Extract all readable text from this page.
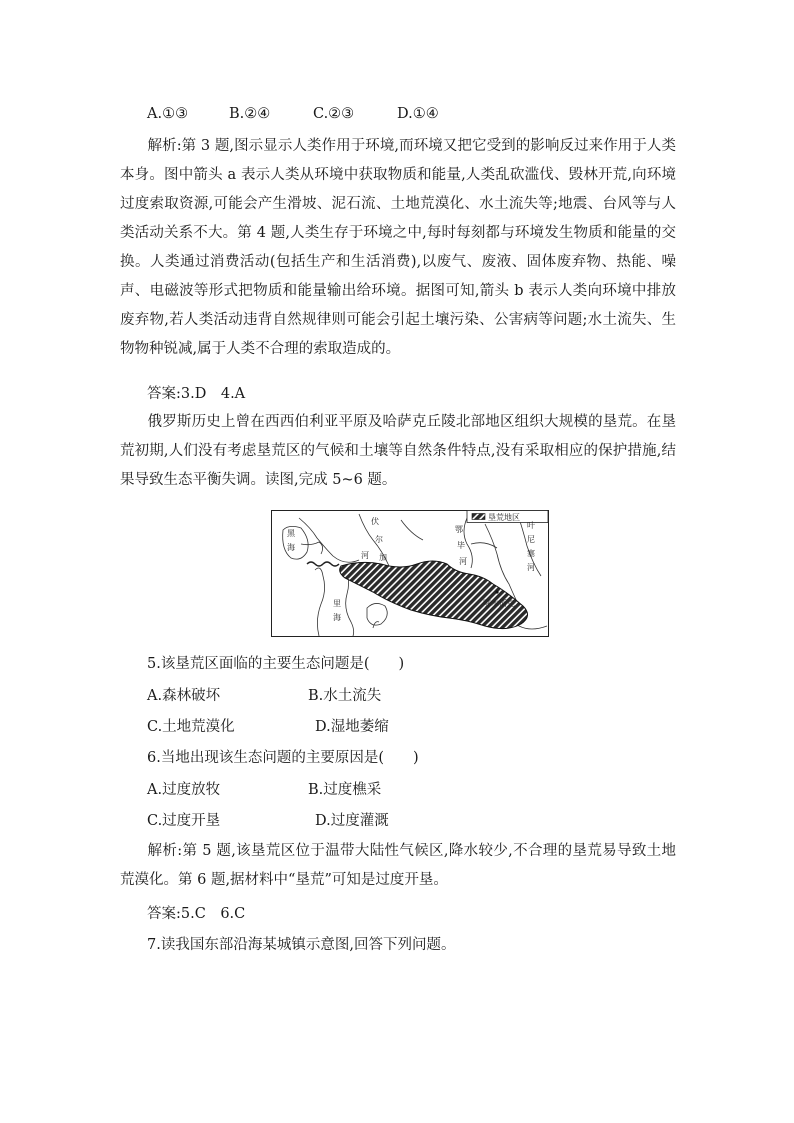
A.①③	B.②④	C.②③	D.①④
解析:第 3 题,图示显示人类作用于环境,而环境又把它受到的影响反过来作用于人类本身。图中箭头 a 表示人类从环境中获取物质和能量,人类乱砍滥伐、毁林开荒,向环境过度索取资源,可能会产生滑坡、泥石流、土地荒漠化、水土流失等;地震、台风等与人类活动关系不大。第 4 题,人类生存于环境之中,每时每刻都与环境发生物质和能量的交换。人类通过消费活动(包括生产和生活消费),以废气、废液、固体废弃物、热能、噪声、电磁波等形式把物质和能量输出给环境。据图可知,箭头 b 表示人类向环境中排放废弃物,若人类活动违背自然规律则可能会引起土壤污染、公害病等问题;水土流失、生物物种锐减,属于人类不合理的索取造成的。
答案:3.D　4.A
俄罗斯历史上曾在西西伯利亚平原及哈萨克丘陵北部地区组织大规模的垦荒。在垦荒初期,人们没有考虑垦荒区的气候和土壤等自然条件特点,没有采取相应的保护措施,结果导致生态平衡失调。读图,完成 5~6 题。
垦荒地区
黑
海
伏
尔
加
河
里
海
鄂
毕
河
叶
尼
塞
河
鄂木斯克
5.该垦荒区面临的主要生态问题是(　　)
A.森林破坏	B.水土流失
C.土地荒漠化	D.湿地萎缩
6.当地出现该生态问题的主要原因是(　　)
A.过度放牧	B.过度樵采
C.过度开垦	D.过度灌溉
解析:第 5 题,该垦荒区位于温带大陆性气候区,降水较少,不合理的垦荒易导致土地荒漠化。第 6 题,据材料中“垦荒”可知是过度开垦。
答案:5.C　6.C
7.读我国东部沿海某城镇示意图,回答下列问题。
